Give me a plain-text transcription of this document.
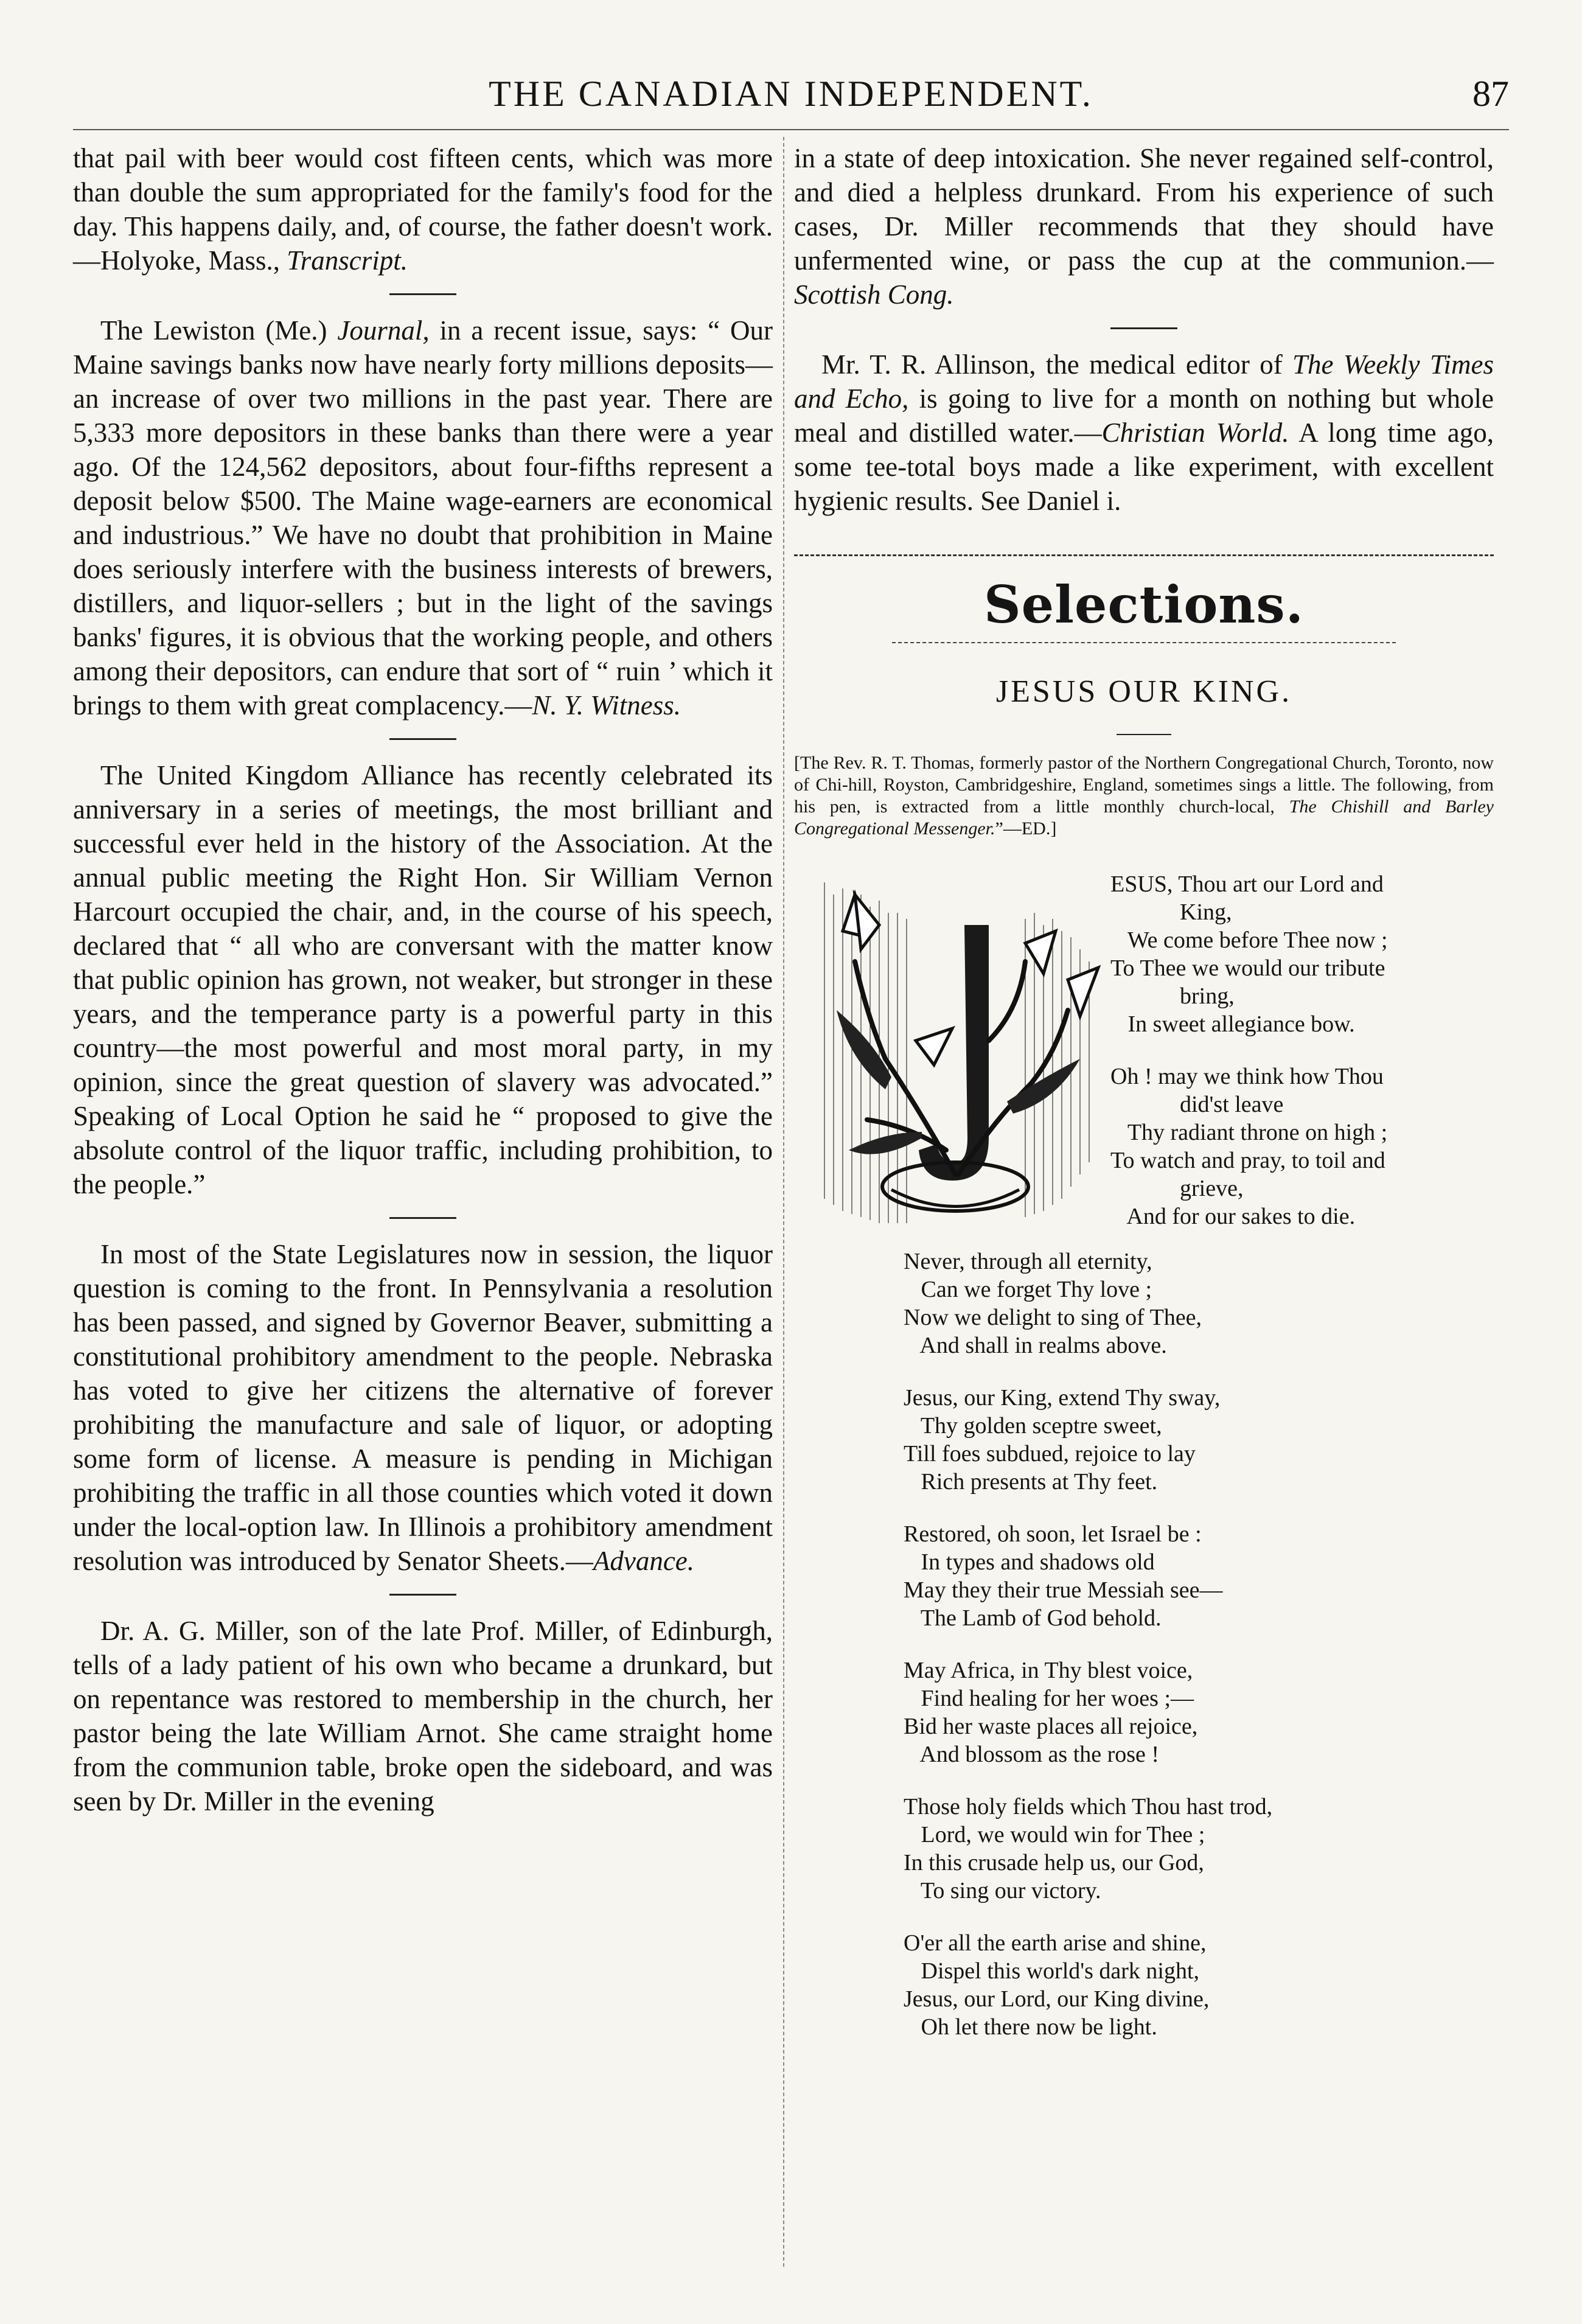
THE CANADIAN INDEPENDENT.	87

that pail with beer would cost fifteen cents, which was more than double the sum appropriated for the family's food for the day. This happens daily, and, of course, the father doesn't work.—Holyoke, Mass., Transcript.

The Lewiston (Me.) Journal, in a recent issue, says: “ Our Maine savings banks now have nearly forty millions deposits—an increase of over two millions in the past year. There are 5,333 more depositors in these banks than there were a year ago. Of the 124,562 depositors, about four-fifths represent a deposit below $500. The Maine wage-earners are economical and industrious.” We have no doubt that prohibition in Maine does seriously interfere with the business interests of brewers, distillers, and liquor-sellers ; but in the light of the savings banks' figures, it is obvious that the working people, and others among their depositors, can endure that sort of “ ruin ’ which it brings to them with great complacency.—N. Y. Witness.

The United Kingdom Alliance has recently celebrated its anniversary in a series of meetings, the most brilliant and successful ever held in the history of the Association. At the annual public meeting the Right Hon. Sir William Vernon Harcourt occupied the chair, and, in the course of his speech, declared that “ all who are conversant with the matter know that public opinion has grown, not weaker, but stronger in these years, and the temperance party is a powerful party in this country—the most powerful and most moral party, in my opinion, since the great question of slavery was advocated.” Speaking of Local Option he said he “ proposed to give the absolute control of the liquor traffic, including prohibition, to the people.”

In most of the State Legislatures now in session, the liquor question is coming to the front. In Pennsylvania a resolution has been passed, and signed by Governor Beaver, submitting a constitutional prohibitory amendment to the people. Nebraska has voted to give her citizens the alternative of forever prohibiting the manufacture and sale of liquor, or adopting some form of license. A measure is pending in Michigan prohibiting the traffic in all those counties which voted it down under the local-option law. In Illinois a prohibitory amendment resolution was introduced by Senator Sheets.—Advance.

Dr. A. G. Miller, son of the late Prof. Miller, of Edinburgh, tells of a lady patient of his own who became a drunkard, but on repentance was restored to membership in the church, her pastor being the late William Arnot. She came straight home from the communion table, broke open the sideboard, and was seen by Dr. Miller in the evening

in a state of deep intoxication. She never regained self-control, and died a helpless drunkard. From his experience of such cases, Dr. Miller recommends that they should have unfermented wine, or pass the cup at the communion.—Scottish Cong.

Mr. T. R. Allinson, the medical editor of The Weekly Times and Echo, is going to live for a month on nothing but whole meal and distilled water.—Christian World. A long time ago, some tee-total boys made a like experiment, with excellent hygienic results. See Daniel i.

Selections.
JESUS OUR KING.

[The Rev. R. T. Thomas, formerly pastor of the Northern Congregational Church, Toronto, now of Chi-hill, Royston, Cambridgeshire, England, sometimes sings a little. The following, from his pen, is extracted from a little monthly church-local, The Chishill and Barley Congregational Messenger.”—ED.]

ESUS, Thou art our Lord and
King,
We come before Thee now ;
To Thee we would our tribute
bring,
In sweet allegiance bow.
Oh ! may we think how Thou
did'st leave
Thy radiant throne on high ;
To watch and pray, to toil and
grieve,
And for our sakes to die.
Never, through all eternity,
Can we forget Thy love ;
Now we delight to sing of Thee,
And shall in realms above.
Jesus, our King, extend Thy sway,
Thy golden sceptre sweet,
Till foes subdued, rejoice to lay
Rich presents at Thy feet.
Restored, oh soon, let Israel be :
In types and shadows old
May they their true Messiah see—
The Lamb of God behold.
May Africa, in Thy blest voice,
Find healing for her woes ;—
Bid her waste places all rejoice,
And blossom as the rose !
Those holy fields which Thou hast trod,
Lord, we would win for Thee ;
In this crusade help us, our God,
To sing our victory.
O'er all the earth arise and shine,
Dispel this world's dark night,
Jesus, our Lord, our King divine,
Oh let there now be light.
